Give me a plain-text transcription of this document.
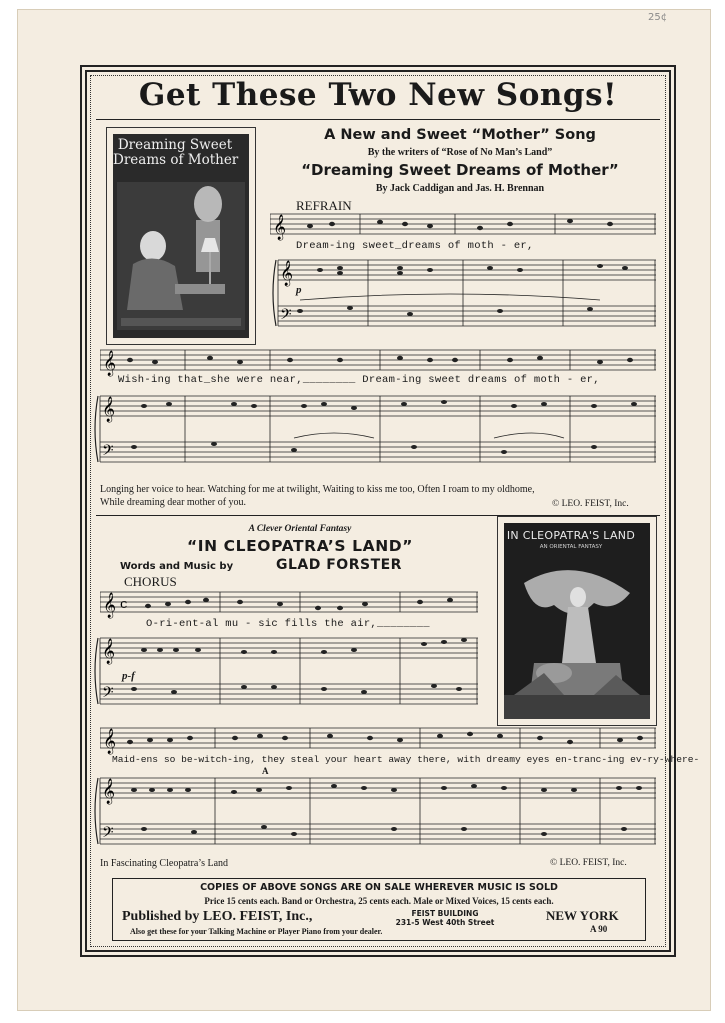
25¢
Get These Two New Songs!
Dreaming Sweet
Dreams of Mother
A New and Sweet “Mother” Song
By the writers of “Rose of No Man’s Land”
“Dreaming Sweet Dreams of Mother”
By Jack Caddigan and Jas. H. Brennan
REFRAIN
𝄞
Dream-ing sweet_dreams of moth - er,
𝄞
𝄢
p
𝄞
Wish-ing that_she were near,________ Dream-ing sweet dreams of moth - er,
𝄞
𝄢
Longing her voice to hear. Watching for me at twilight, Waiting to kiss me too, Often I roam to my oldhome,
While dreaming dear mother of you.	© LEO. FEIST, Inc.
A Clever Oriental Fantasy
“IN CLEOPATRA’S LAND”
Words and Music by	GLAD FORSTER
CHORUS
IN CLEOPATRA'S LAND
AN ORIENTAL FANTASY
𝄞 c
O-ri-ent-al mu - sic fills the air,________
𝄞
𝄢
p-f
𝄞
Maid-ens so be-witch-ing, they steal your heart away there, with dreamy eyes en-tranc-ing ev-ry-where-
A
𝄞
𝄢
In Fascinating Cleopatra’s Land	© LEO. FEIST, Inc.
COPIES OF ABOVE SONGS ARE ON SALE WHEREVER MUSIC IS SOLD
Price 15 cents each. Band or Orchestra, 25 cents each. Male or Mixed Voices, 15 cents each.
Published by LEO. FEIST, Inc.,	FEIST BUILDING
231-5 West 40th Street	NEW YORK
A 90
Also get these for your Talking Machine or Player Piano from your dealer.
